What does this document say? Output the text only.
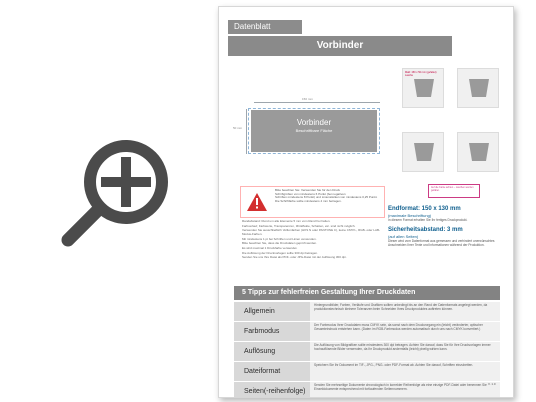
Datenblatt
Vorbinder
150 mm
50 mm
Vorbinder
Beschriftbare Fläche
Maß: 150 x 50 mm (gefaltet) Lasche
Bitte beachten Sie: Verwenden Sie für den Druck
Schriftgrößen von mindestens 6 Punkt (bei negativen
Schriften mindestens 8 Punkt) und Linienstärken von mindestens 0,25 Punkt.
Die Schriftfarbe sollte mindestens 4 mm betragen.

Randabstand: Rund um alle Elemente 5 mm vom Rand frei halten.

Farbverlauf, Farbwerte, Transparenzen, 3D-Effekte, Schatten, etc. sind nicht möglich.

Verwenden Sie ausschließlich Volltonfarben (HKS N oder PANTONE C), keine CMYK-, RGB- oder LAB-Modus-Farben.

Mit mindestens 1 pt bei Schriften und Linien verwenden.

Bitte beachten Sie, dass die Druckdaten geprüft werden.

Es wird maximal 1 Druckfarbe verwendet.

Die Auflösung der Druckvorlagen sollte 300 dpi betragen.

Senden Sie uns Ihre Datei als PDF- oder JPG-Datei mit der Auflösung 300 dpi.

Auf die Kante achten – Laschen werden gefaltet.
Endformat: 150 x 130 mm
(maximale Beschriftung)
In diesem Format erhalten Sie Ihr fertiges Druckprodukt.
Sicherheitsabstand: 3 mm
(auf allen Seiten)
Dieser wird vom Datenformat aus gemessen und verhindert unerwünschtes Anschneiden Ihrer Texte und Informationen während der Produktion.
5 Tipps zur fehlerfreien Gestaltung Ihrer Druckdaten
Allgemein
Hintergrundbilder, Farben, Verläufe und Grafiken sollten unbedingt bis an den Rand der Datenformats angelegt werden, da produktionstechnisch kleinere Toleranzen beim Schneiden Ihres Druckproduktes auftreten können.
Farbmodus
Der Farbmodus Ihrer Druckdaten muss CMYK sein, da sonst nach dem Druckvorgang ein (leicht) veränderter, optischer Gesamteindruck entstehen kann. (Daten im RGB-Farbmodus werden automatisch durch uns nach CMYK konvertiert.)
Auflösung
Die Auflösung von Bildgrafiken sollte mindestens 300 dpi betragen. Achten Sie darauf, dass Sie für Ihre Druckvorlagen immer hochauflösende Bilder verwenden, da Ihr Druckprodukt andernfalls (leicht) pixelig wirken kann.
Dateiformat
Speichern Sie Ihr Dokument im TIF-, JPG-, PNG- oder PDF-Format ab. Achten Sie darauf, Schriften einzubetten.
Seiten(-reihenfolge)
Senden Sie mehrseitige Dokumente chronologisch in korrekter Reihenfolge als eine einzige PDF-Datei oder benennen Sie Einzeldokumente entsprechend mit fortlaufenden Seitennummern.
V. 1.0
